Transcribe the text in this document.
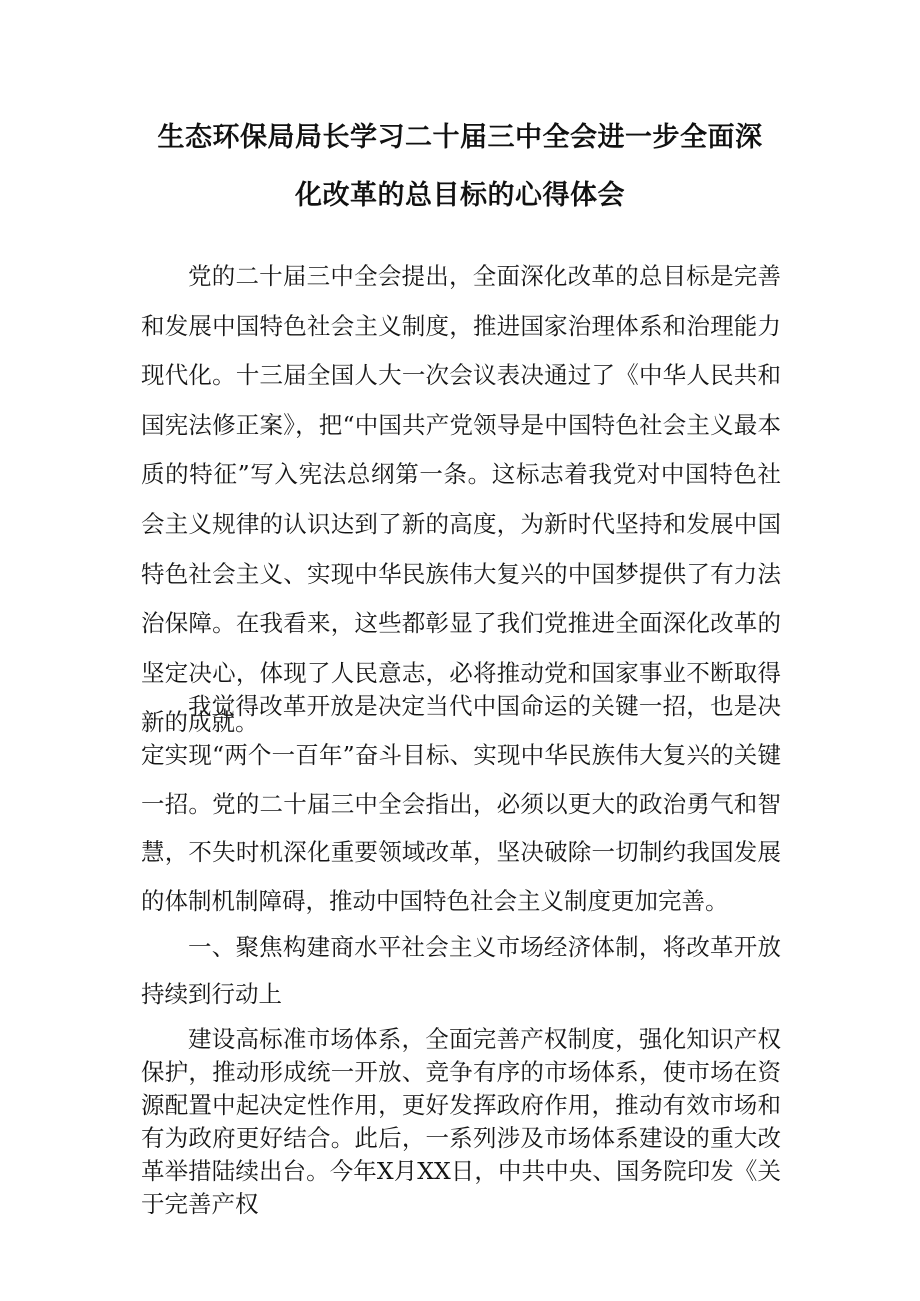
生态环保局局长学习二十届三中全会进一步全面深
化改革的总目标的心得体会

党的二十届三中全会提出，全面深化改革的总目标是完善和发展中国特色社会主义制度，推进国家治理体系和治理能力现代化。十三届全国人大一次会议表决通过了《中华人民共和国宪法修正案》，把“中国共产党领导是中国特色社会主义最本质的特征”写入宪法总纲第一条。这标志着我党对中国特色社会主义规律的认识达到了新的高度，为新时代坚持和发展中国特色社会主义、实现中华民族伟大复兴的中国梦提供了有力法治保障。在我看来，这些都彰显了我们党推进全面深化改革的坚定决心，体现了人民意志，必将推动党和国家事业不断取得新的成就。

我觉得改革开放是决定当代中国命运的关键一招，也是决定实现“两个一百年”奋斗目标、实现中华民族伟大复兴的关键一招。党的二十届三中全会指出，必须以更大的政治勇气和智慧，不失时机深化重要领域改革，坚决破除一切制约我国发展的体制机制障碍，推动中国特色社会主义制度更加完善。

一、聚焦构建商水平社会主义市场经济体制，将改革开放持续到行动上

建设高标准市场体系，全面完善产权制度，强化知识产权保护，推动形成统一开放、竞争有序的市场体系，使市场在资源配置中起决定性作用，更好发挥政府作用，推动有效市场和有为政府更好结合。此后，一系列涉及市场体系建设的重大改革举措陆续出台。今年X月XX日，中共中央、国务院印发《关于完善产权
